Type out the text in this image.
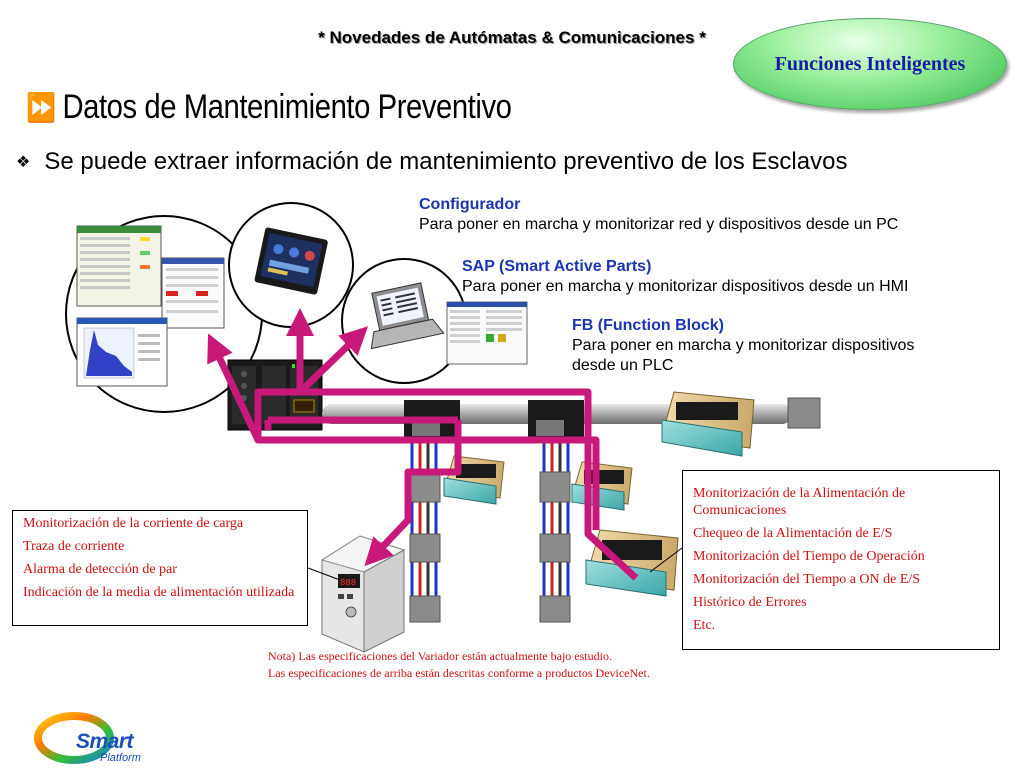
888
* Novedades de Autómatas & Comunicaciones *
Funciones Inteligentes
⏩ Datos de Mantenimiento Preventivo
❖ Se puede extraer información de mantenimiento preventivo de los Esclavos
Configurador
Para poner en marcha y monitorizar red y dispositivos desde un PC
SAP (Smart Active Parts)
Para poner en marcha y monitorizar dispositivos desde un HMI
FB (Function Block)
Para poner en marcha y monitorizar dispositivos
desde un PLC
Monitorización de la corriente de carga
Traza de corriente
Alarma de detección de par
Indicación de la media de alimentación utilizada
Monitorización de la Alimentación de Comunicaciones
Chequeo de la Alimentación de E/S
Monitorización del Tiempo de Operación
Monitorización del Tiempo a ON de E/S
Histórico de Errores
Etc.
Nota) Las especificaciones del Variador están actualmente bajo estudio.
Las especificaciones de arriba están descritas conforme a productos DeviceNet.
Smart
Platform
